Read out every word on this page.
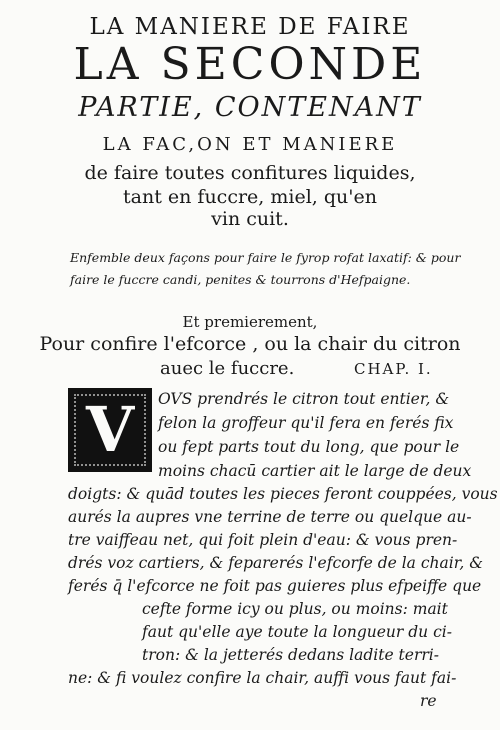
LA MANIERE DE FAIRE
LA SECONDE
PARTIE, CONTENANT
LA FAC,ON ET MANIERE
de faire toutes confitures liquides,
tant en fuccre, miel, qu'en
vin cuit.
Enfemble deux façons pour faire le fyrop rofat laxatif: & pour
faire le fuccre candi, penites & tourrons d'Hefpaigne.
Et premierement,
Pour confire l'efcorce , ou la chair du citron
auec le fuccre.	CHAP. I.
V OVS prendrés le citron tout entier, &
felon la groffeur qu'il fera en ferés fix
ou fept parts tout du long, que pour le
moins chacū cartier ait le large de deux
doigts: & quād toutes les pieces feront couppées, vous
aurés la aupres vne terrine de terre ou quelque au-
tre vaiffeau net, qui foit plein d'eau: & vous pren-
drés voz cartiers, & feparerés l'efcorfe de la chair, &
ferés q̄ l'efcorce ne foit pas guieres plus efpeiffe que
cefte forme icy ou plus, ou moins: mait
faut qu'elle aye toute la longueur du ci-
tron: & la jetterés dedans ladite terri-
ne: & fi voulez confire la chair, auffi vous faut fai-
re
